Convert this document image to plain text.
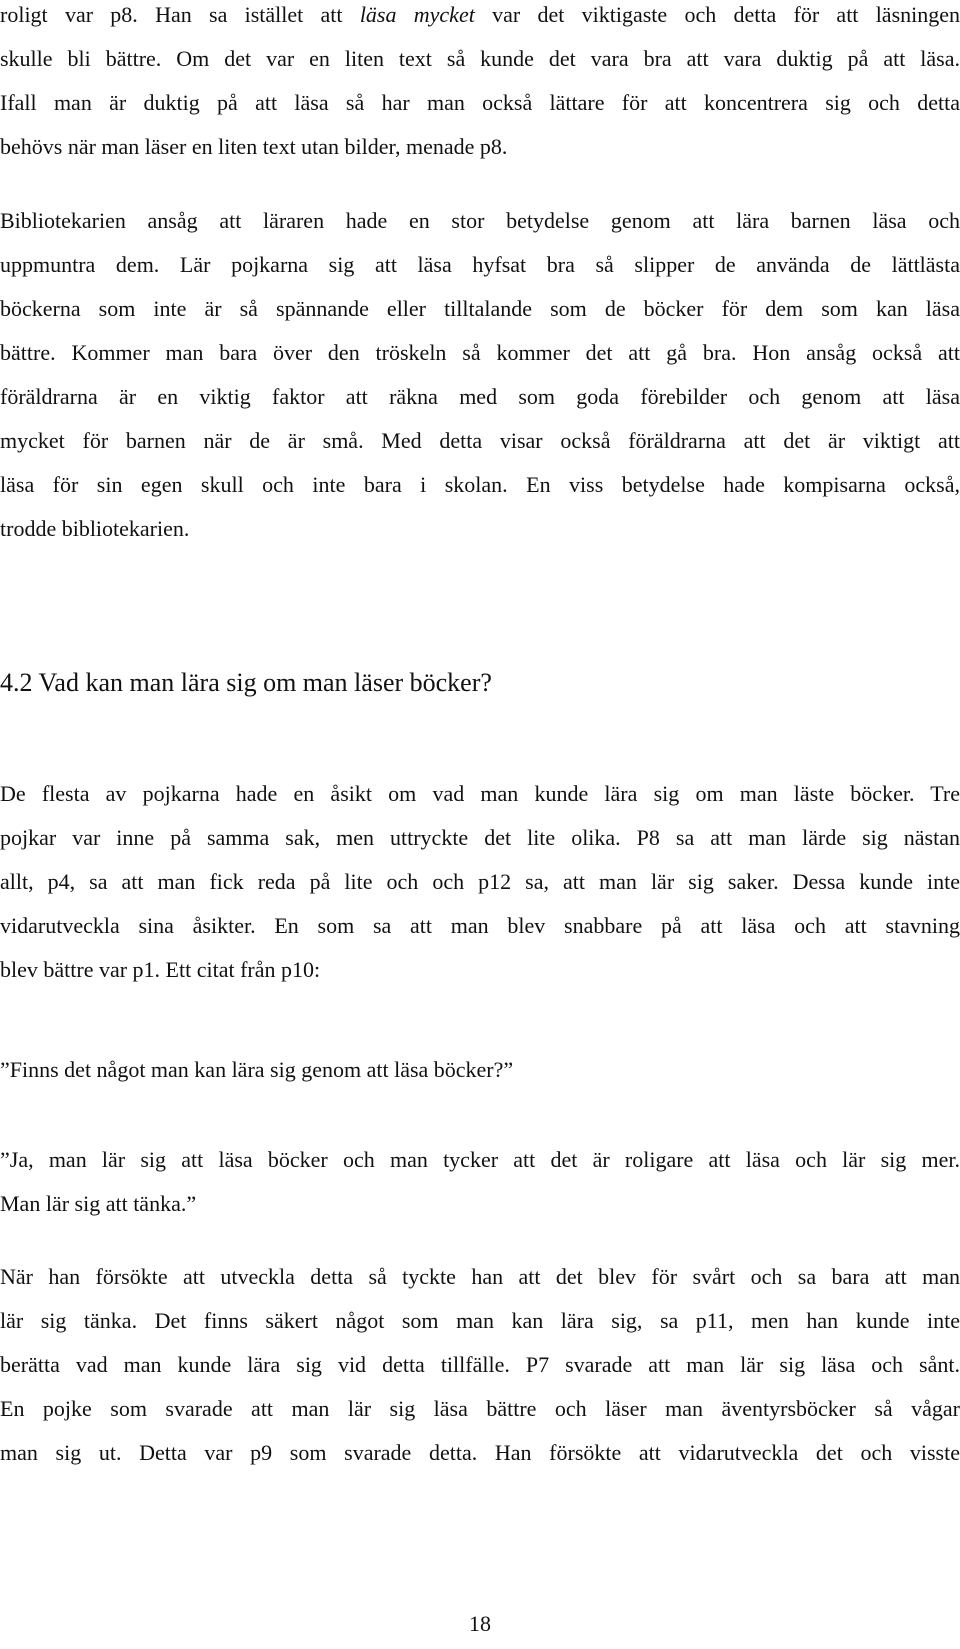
roligt var p8. Han sa istället att läsa mycket var det viktigaste och detta för att läsningen
skulle bli bättre. Om det var en liten text så kunde det vara bra att vara duktig på att läsa.
Ifall man är duktig på att läsa så har man också lättare för att koncentrera sig och detta
behövs när man läser en liten text utan bilder, menade p8.

Bibliotekarien ansåg att läraren hade en stor betydelse genom att lära barnen läsa och
uppmuntra dem. Lär pojkarna sig att läsa hyfsat bra så slipper de använda de lättlästa
böckerna som inte är så spännande eller tilltalande som de böcker för dem som kan läsa
bättre. Kommer man bara över den tröskeln så kommer det att gå bra. Hon ansåg också att
föräldrarna är en viktig faktor att räkna med som goda förebilder och genom att läsa
mycket för barnen när de är små. Med detta visar också föräldrarna att det är viktigt att
läsa för sin egen skull och inte bara i skolan. En viss betydelse hade kompisarna också,
trodde bibliotekarien.

4.2 Vad kan man lära sig om man läser böcker?

De flesta av pojkarna hade en åsikt om vad man kunde lära sig om man läste böcker. Tre
pojkar var inne på samma sak, men uttryckte det lite olika. P8 sa att man lärde sig nästan
allt, p4, sa att man fick reda på lite och och p12 sa, att man lär sig saker. Dessa kunde inte
vidarutveckla sina åsikter. En som sa att man blev snabbare på att läsa och att stavning
blev bättre var p1. Ett citat från p10:

”Finns det något man kan lära sig genom att läsa böcker?”

”Ja, man lär sig att läsa böcker och man tycker att det är roligare att läsa och lär sig mer.
Man lär sig att tänka.”

När han försökte att utveckla detta så tyckte han att det blev för svårt och sa bara att man
lär sig tänka. Det finns säkert något som man kan lära sig, sa p11, men han kunde inte
berätta vad man kunde lära sig vid detta tillfälle. P7 svarade att man lär sig läsa och sånt.
En pojke som svarade att man lär sig läsa bättre och läser man äventyrsböcker så vågar
man sig ut. Detta var p9 som svarade detta. Han försökte att vidarutveckla det och visste

18
